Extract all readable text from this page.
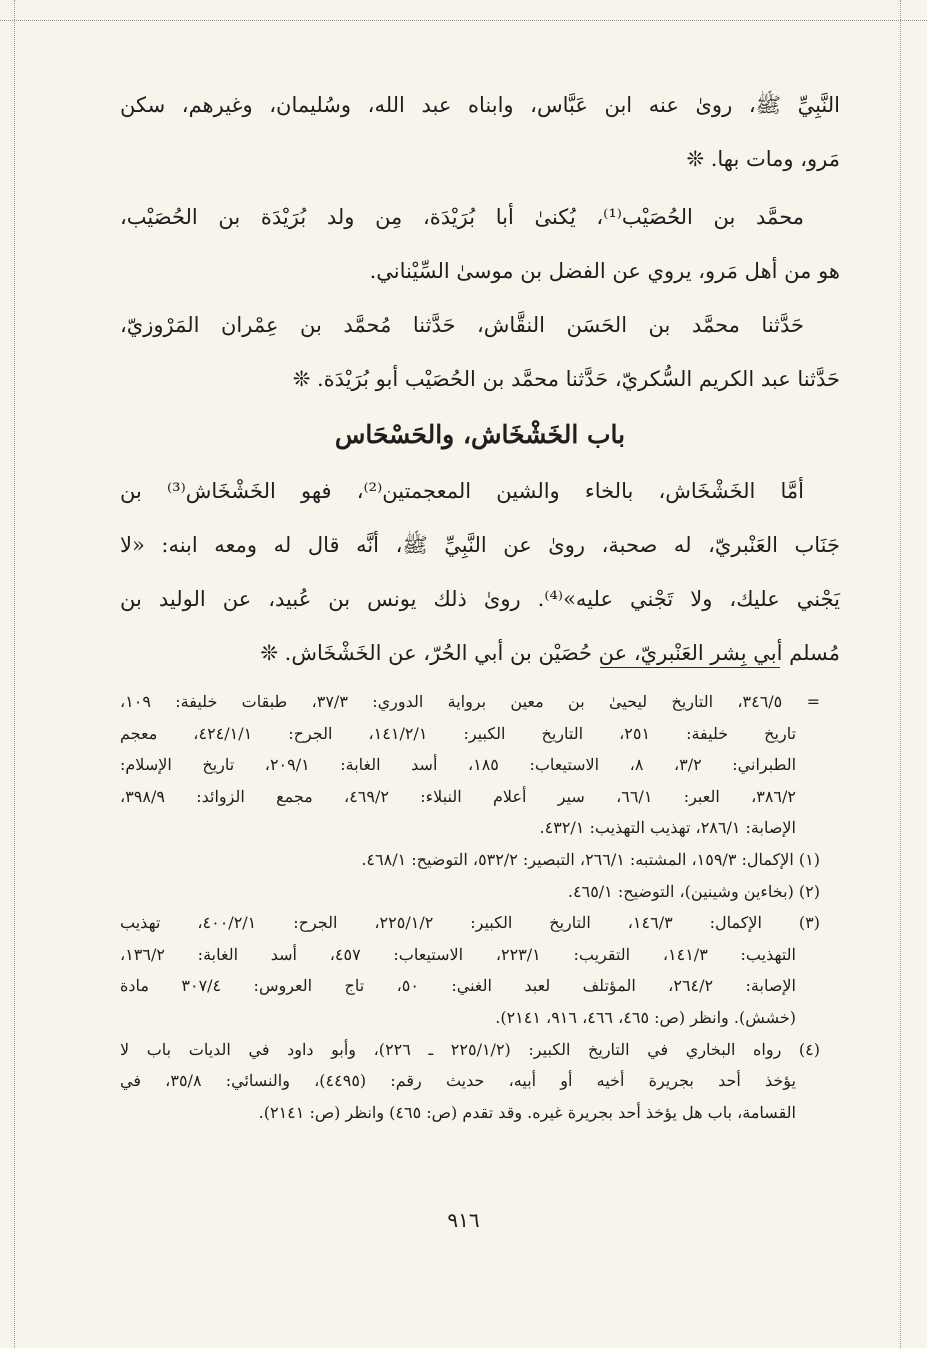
النَّبِيِّ ﷺ، روىٰ عنه ابن عَبَّاس، وابناه عبد الله، وسُليمان، وغيرهم، سكن
مَرو، ومات بها. ❊
محمَّد بن الحُصَيْب⁽¹⁾، يُكنىٰ أبا بُرَيْدَة، مِن ولد بُرَيْدَة بن الحُصَيْب،
هو من أهل مَرو، يروي عن الفضل بن موسىٰ السِّيْناني.
حَدَّثنا محمَّد بن الحَسَن النقَّاش، حَدَّثنا مُحمَّد بن عِمْران المَرْوزيّ،
حَدَّثنا عبد الكريم السُّكريّ، حَدَّثنا محمَّد بن الحُصَيْب أبو بُرَيْدَة. ❊
باب الخَشْخَاش، والحَسْحَاس
أمَّا الخَشْخَاش، بالخاء والشين المعجمتين⁽²⁾، فهو الخَشْخَاش⁽³⁾ بن
جَنَاب العَنْبريّ، له صحبة، روىٰ عن النَّبِيِّ ﷺ، أنَّه قال له ومعه ابنه: «لا
يَجْني عليك، ولا تَجْني عليه»⁽⁴⁾. روىٰ ذلك يونس بن عُبيد، عن الوليد بن
مُسلم أبي بِشر العَنْبريّ، عن حُصَيْن بن أبي الحُرّ، عن الخَشْخَاش. ❊
= ٣٤٦/٥، التاريخ ليحيىٰ بن معين برواية الدوري: ٣٧/٣، طبقات خليفة: ١٠٩،
تاريخ خليفة: ٢٥١، التاريخ الكبير: ١٤١/٢/١، الجرح: ٤٢٤/١/١، معجم
الطبراني: ٣/٢، ٨، الاستيعاب: ١٨٥، أسد الغابة: ٢٠٩/١، تاريخ الإسلام:
٣٨٦/٢، العبر: ٦٦/١، سير أعلام النبلاء: ٤٦٩/٢، مجمع الزوائد: ٣٩٨/٩،
الإصابة: ٢٨٦/١، تهذيب التهذيب: ٤٣٢/١.
(١) الإكمال: ١٥٩/٣، المشتبه: ٢٦٦/١، التبصير: ٥٣٢/٢، التوضيح: ٤٦٨/١.
(٢) (بخاءين وشينين)، التوضيح: ٤٦٥/١.
(٣) الإكمال: ١٤٦/٣، التاريخ الكبير: ٢٢٥/١/٢، الجرح: ٤٠٠/٢/١، تهذيب
التهذيب: ١٤١/٣، التقريب: ٢٢٣/١، الاستيعاب: ٤٥٧، أسد الغابة: ١٣٦/٢،
الإصابة: ٢٦٤/٢، المؤتلف لعبد الغني: ٥٠، تاج العروس: ٣٠٧/٤ مادة
(خشش). وانظر (ص: ٤٦٥، ٤٦٦، ٩١٦، ٢١٤١).
(٤) رواه البخاري في التاريخ الكبير: (٢٢٥/١/٢ ـ ٢٢٦)، وأبو داود في الديات باب لا
يؤخذ أحد بجريرة أخيه أو أبيه، حديث رقم: (٤٤٩٥)، والنسائي: ٣٥/٨، في
القسامة، باب هل يؤخذ أحد بجريرة غيره. وقد تقدم (ص: ٤٦٥) وانظر (ص: ٢١٤١).
٩١٦
